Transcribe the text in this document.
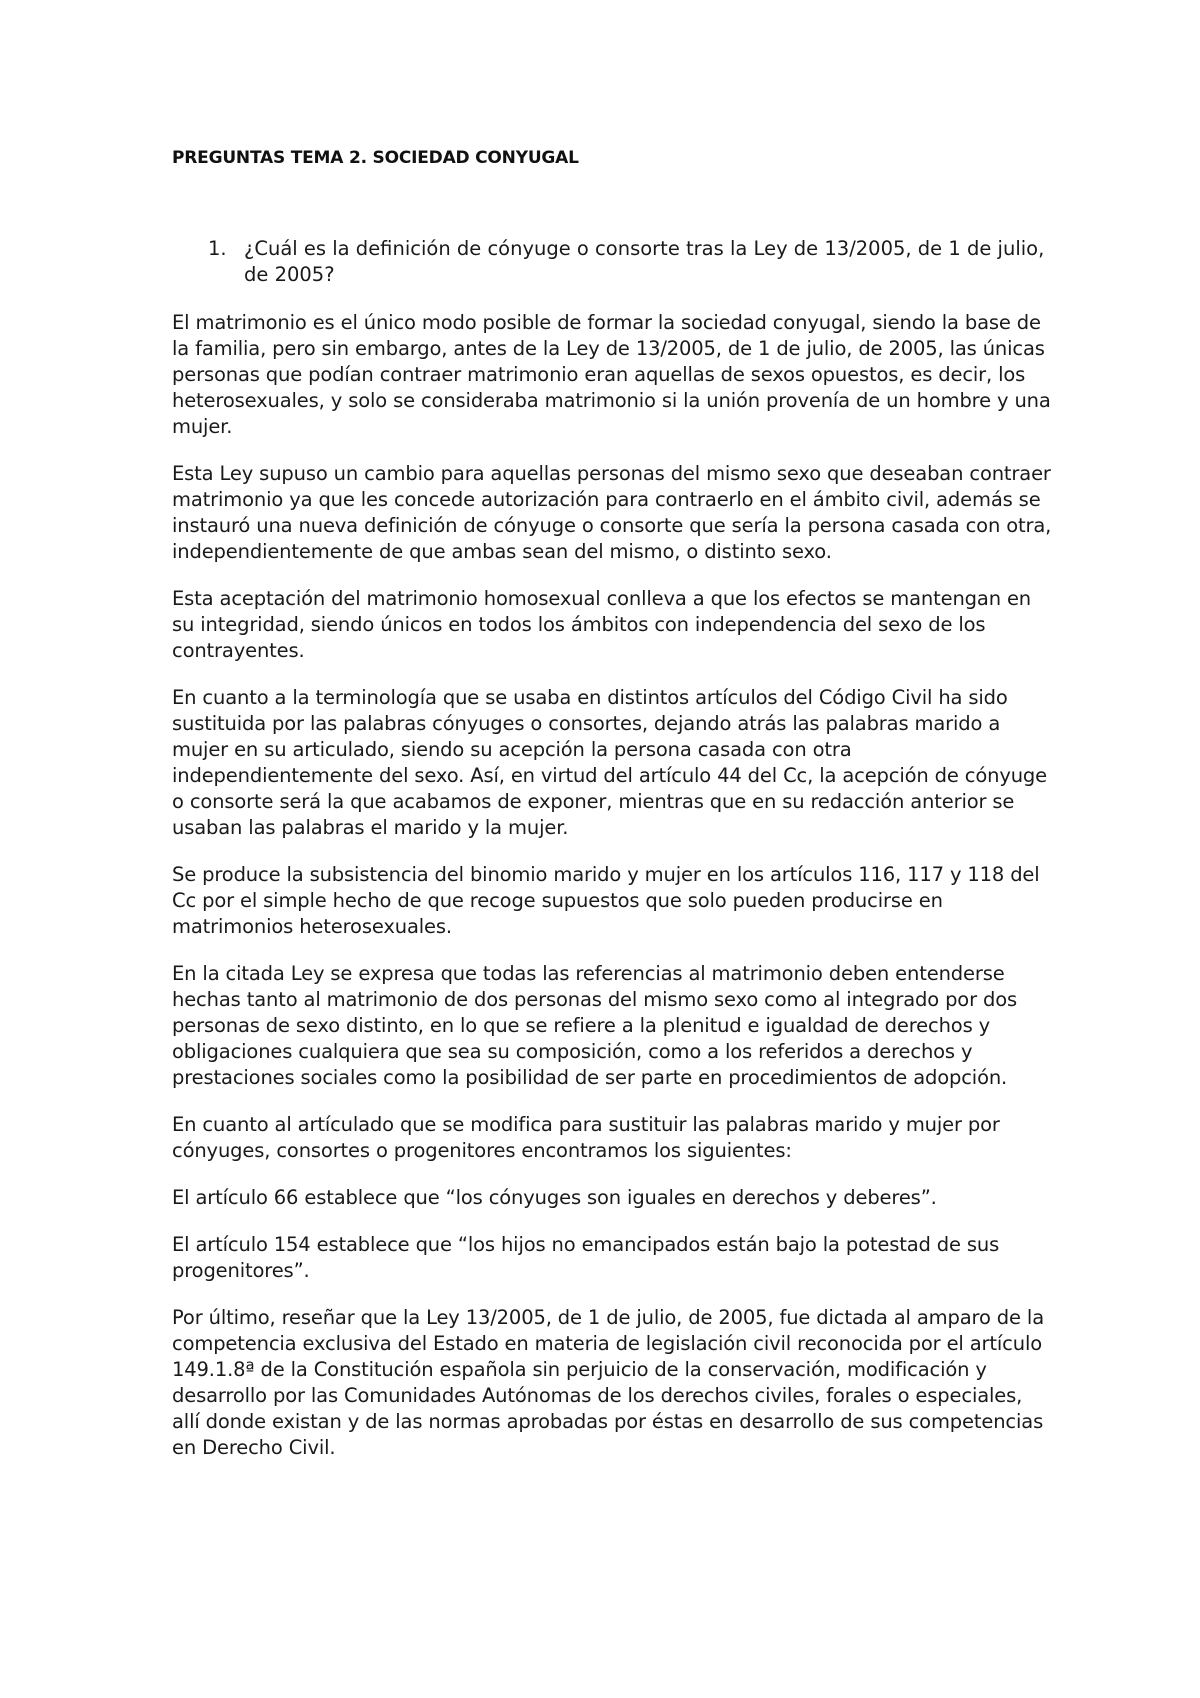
PREGUNTAS TEMA 2. SOCIEDAD CONYUGAL
1. ¿Cuál es la definición de cónyuge o consorte tras la Ley de 13/2005, de 1 de julio, de 2005?

El matrimonio es el único modo posible de formar la sociedad conyugal, siendo la base de la familia, pero sin embargo, antes de la Ley de 13/2005, de 1 de julio, de 2005, las únicas personas que podían contraer matrimonio eran aquellas de sexos opuestos, es decir, los heterosexuales, y solo se consideraba matrimonio si la unión provenía de un hombre y una mujer.

Esta Ley supuso un cambio para aquellas personas del mismo sexo que deseaban contraer matrimonio ya que les concede autorización para contraerlo en el ámbito civil, además se instauró una nueva definición de cónyuge o consorte que sería la persona casada con otra, independientemente de que ambas sean del mismo, o distinto sexo.

Esta aceptación del matrimonio homosexual conlleva a que los efectos se mantengan en su integridad, siendo únicos en todos los ámbitos con independencia del sexo de los contrayentes.

En cuanto a la terminología que se usaba en distintos artículos del Código Civil ha sido sustituida por las palabras cónyuges o consortes, dejando atrás las palabras marido a mujer en su articulado, siendo su acepción la persona casada con otra independientemente del sexo. Así, en virtud del artículo 44 del Cc, la acepción de cónyuge o consorte será la que acabamos de exponer, mientras que en su redacción anterior se usaban las palabras el marido y la mujer.

Se produce la subsistencia del binomio marido y mujer en los artículos 116, 117 y 118 del Cc por el simple hecho de que recoge supuestos que solo pueden producirse en matrimonios heterosexuales.

En la citada Ley se expresa que todas las referencias al matrimonio deben entenderse hechas tanto al matrimonio de dos personas del mismo sexo como al integrado por dos personas de sexo distinto, en lo que se refiere a la plenitud e igualdad de derechos y obligaciones cualquiera que sea su composición, como a los referidos a derechos y prestaciones sociales como la posibilidad de ser parte en procedimientos de adopción.

En cuanto al artículado que se modifica para sustituir las palabras marido y mujer por cónyuges, consortes o progenitores encontramos los siguientes:

El artículo 66 establece que “los cónyuges son iguales en derechos y deberes”.

El artículo 154 establece que “los hijos no emancipados están bajo la potestad de sus progenitores”.

Por último, reseñar que la Ley 13/2005, de 1 de julio, de 2005, fue dictada al amparo de la competencia exclusiva del Estado en materia de legislación civil reconocida por el artículo 149.1.8ª de la Constitución española sin perjuicio de la conservación, modificación y desarrollo por las Comunidades Autónomas de los derechos civiles, forales o especiales, allí donde existan y de las normas aprobadas por éstas en desarrollo de sus competencias en Derecho Civil.
